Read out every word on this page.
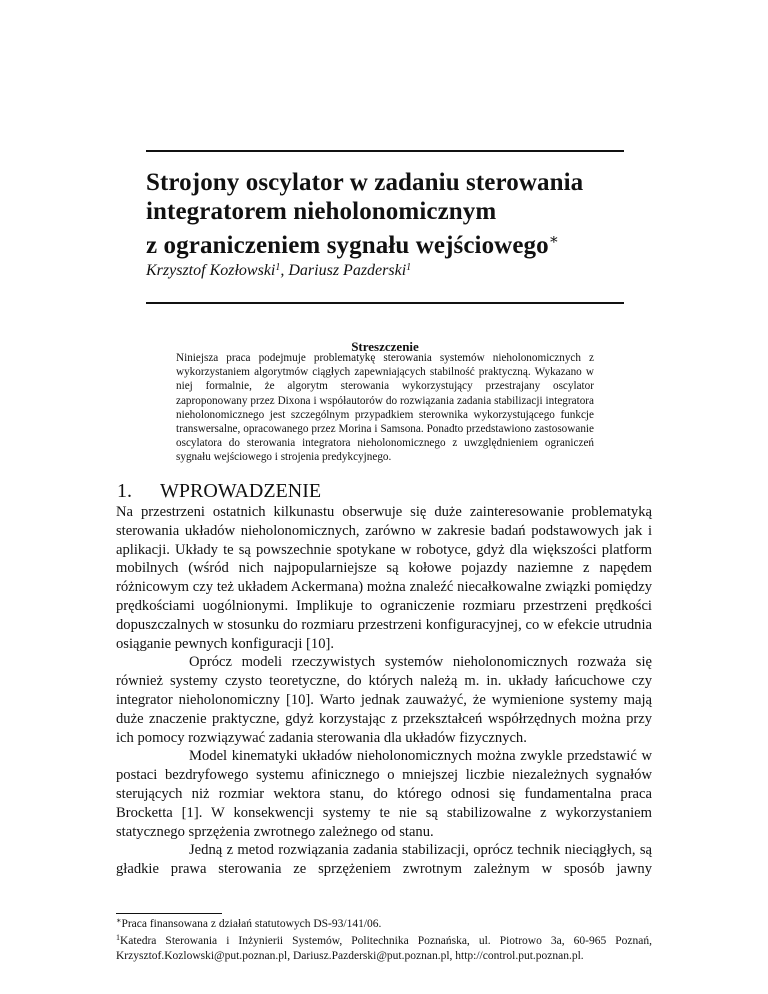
Strojony oscylator w zadaniu sterowania
integratorem nieholonomicznym
z ograniczeniem sygnału wejściowego∗
Krzysztof Kozłowski$^1$, Dariusz Pazderski$^1$
Streszczenie

Niniejsza praca podejmuje problematykę sterowania systemów nieholonomicznych z wykorzystaniem algorytmów ciągłych zapewniających stabilność praktyczną. Wykazano w niej formalnie, że algorytm sterowania wykorzystujący przestrajany oscylator zaproponowany przez Dixona i współautorów do rozwiązania zadania stabilizacji integratora nieholonomicznego jest szczególnym przypadkiem sterownika wykorzystującego funkcje transwersalne, opracowanego przez Morina i Samsona. Ponadto przedstawiono zastosowanie oscylatora do sterowania integratora nieholonomicznego z uwzględnieniem ograniczeń sygnału wejściowego i strojenia predykcyjnego.

1. WPROWADZENIE

Na przestrzeni ostatnich kilkunastu obserwuje się duże zainteresowanie problematyką sterowania układów nieholonomicznych, zarówno w zakresie badań podstawowych jak i aplikacji. Układy te są powszechnie spotykane w robotyce, gdyż dla większości platform mobilnych (wśród nich najpopularniejsze są kołowe pojazdy naziemne z napędem różnicowym czy też układem Ackermana) można znaleźć niecałkowalne związki pomiędzy prędkościami uogólnionymi. Implikuje to ograniczenie rozmiaru przestrzeni prędkości dopuszczalnych w stosunku do rozmiaru przestrzeni konfiguracyjnej, co w efekcie utrudnia osiąganie pewnych konfiguracji [10].

Oprócz modeli rzeczywistych systemów nieholonomicznych rozważa się również systemy czysto teoretyczne, do których należą m. in. układy łańcuchowe czy integrator nieholonomiczny [10]. Warto jednak zauważyć, że wymienione systemy mają duże znaczenie praktyczne, gdyż korzystając z przekształceń współrzędnych można przy ich pomocy rozwiązywać zadania sterowania dla układów fizycznych.

Model kinematyki układów nieholonomicznych można zwykle przedstawić w postaci bezdryfowego systemu afinicznego o mniejszej liczbie niezależnych sygnałów sterujących niż rozmiar wektora stanu, do którego odnosi się fundamentalna praca Brocketta [1]. W konsekwencji systemy te nie są stabilizowalne z wykorzystaniem statycznego sprzężenia zwrotnego zależnego od stanu.

Jedną z metod rozwiązania zadania stabilizacji, oprócz technik nieciągłych, są gładkie prawa sterowania ze sprzężeniem zwrotnym zależnym w sposób jawny

∗Praca finansowana z działań statutowych DS-93/141/06.

$^1$Katedra Sterowania i Inżynierii Systemów, Politechnika Poznańska, ul. Piotrowo 3a, 60-965 Poznań, Krzysztof.Kozlowski@put.poznan.pl, Dariusz.Pazderski@put.poznan.pl, http://control.put.poznan.pl.
